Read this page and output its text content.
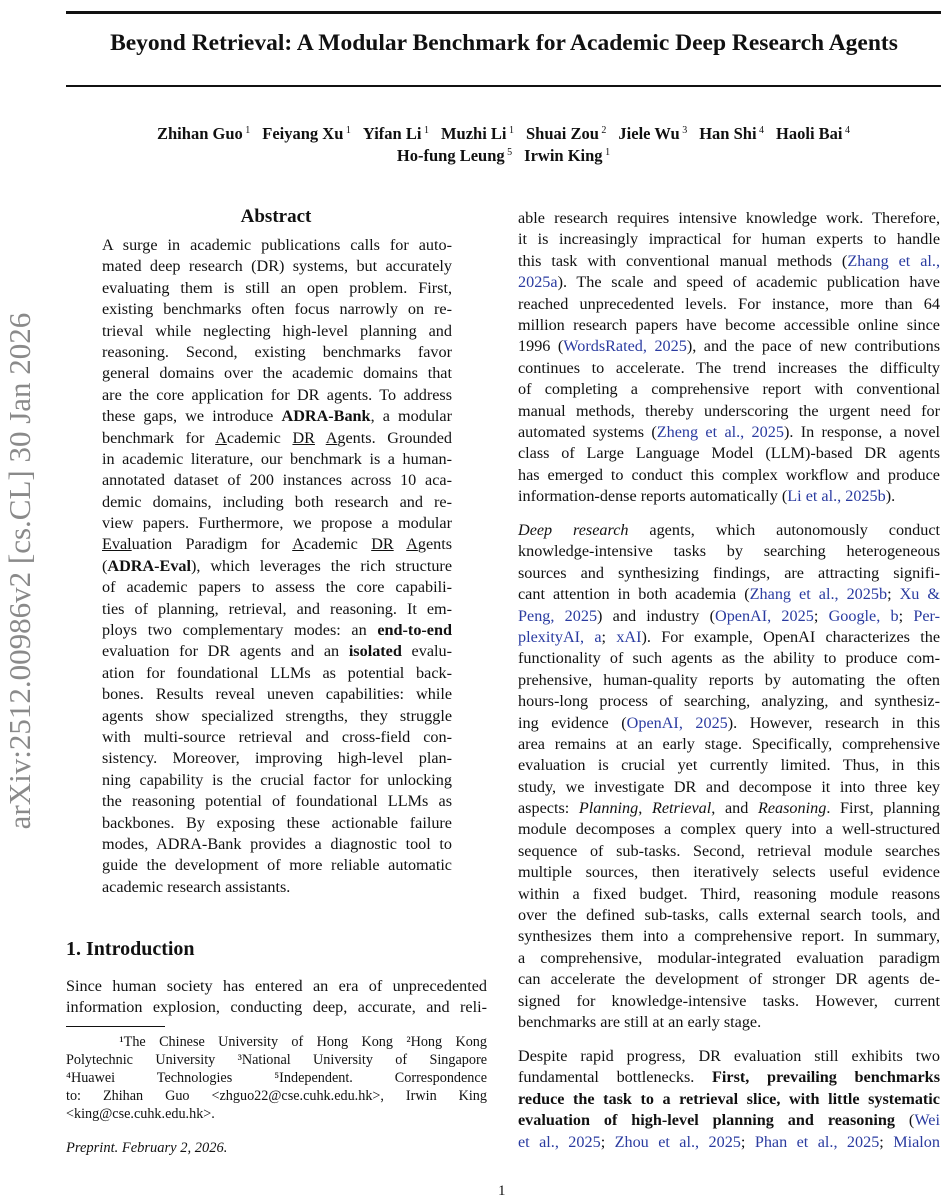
arXiv:2512.00986v2 [cs.CL] 30 Jan 2026
Beyond Retrieval: A Modular Benchmark for Academic Deep Research Agents
Zhihan Guo $^1$ Feiyang Xu $^1$ Yifan Li $^1$ Muzhi Li $^1$ Shuai Zou $^2$ Jiele Wu $^3$ Han Shi $^4$ Haoli Bai $^4$
Ho-fung Leung $^5$ Irwin King $^1$
Abstract
A surge in academic publications calls for auto-
mated deep research (DR) systems, but accurately
evaluating them is still an open problem. First,
existing benchmarks often focus narrowly on re-
trieval while neglecting high-level planning and
reasoning. Second, existing benchmarks favor
general domains over the academic domains that
are the core application for DR agents. To address
these gaps, we introduce ADRA-Bank, a modular
benchmark for Academic DR Agents. Grounded
in academic literature, our benchmark is a human-
annotated dataset of 200 instances across 10 aca-
demic domains, including both research and re-
view papers. Furthermore, we propose a modular
Evaluation Paradigm for Academic DR Agents
(ADRA-Eval), which leverages the rich structure
of academic papers to assess the core capabili-
ties of planning, retrieval, and reasoning. It em-
ploys two complementary modes: an end-to-end
evaluation for DR agents and an isolated evalu-
ation for foundational LLMs as potential back-
bones. Results reveal uneven capabilities: while
agents show specialized strengths, they struggle
with multi-source retrieval and cross-field con-
sistency. Moreover, improving high-level plan-
ning capability is the crucial factor for unlocking
the reasoning potential of foundational LLMs as
backbones. By exposing these actionable failure
modes, ADRA-Bank provides a diagnostic tool to
guide the development of more reliable automatic
academic research assistants.
1. Introduction
Since human society has entered an era of unprecedented
information explosion, conducting deep, accurate, and reli-
¹The Chinese University of Hong Kong ²Hong Kong
Polytechnic University ³National University of Singapore
⁴Huawei Technologies ⁵Independent. Correspondence
to: Zhihan Guo <zhguo22@cse.cuhk.edu.hk>, Irwin King
<king@cse.cuhk.edu.hk>.
Preprint. February 2, 2026.
able research requires intensive knowledge work. Therefore,
it is increasingly impractical for human experts to handle
this task with conventional manual methods (Zhang et al.,
2025a). The scale and speed of academic publication have
reached unprecedented levels. For instance, more than 64
million research papers have become accessible online since
1996 (WordsRated, 2025), and the pace of new contributions
continues to accelerate. The trend increases the difficulty
of completing a comprehensive report with conventional
manual methods, thereby underscoring the urgent need for
automated systems (Zheng et al., 2025). In response, a novel
class of Large Language Model (LLM)-based DR agents
has emerged to conduct this complex workflow and produce
information-dense reports automatically (Li et al., 2025b).
Deep research agents, which autonomously conduct
knowledge-intensive tasks by searching heterogeneous
sources and synthesizing findings, are attracting signifi-
cant attention in both academia (Zhang et al., 2025b; Xu &
Peng, 2025) and industry (OpenAI, 2025; Google, b; Per-
plexityAI, a; xAI). For example, OpenAI characterizes the
functionality of such agents as the ability to produce com-
prehensive, human-quality reports by automating the often
hours-long process of searching, analyzing, and synthesiz-
ing evidence (OpenAI, 2025). However, research in this
area remains at an early stage. Specifically, comprehensive
evaluation is crucial yet currently limited. Thus, in this
study, we investigate DR and decompose it into three key
aspects: Planning, Retrieval, and Reasoning. First, planning
module decomposes a complex query into a well-structured
sequence of sub-tasks. Second, retrieval module searches
multiple sources, then iteratively selects useful evidence
within a fixed budget. Third, reasoning module reasons
over the defined sub-tasks, calls external search tools, and
synthesizes them into a comprehensive report. In summary,
a comprehensive, modular-integrated evaluation paradigm
can accelerate the development of stronger DR agents de-
signed for knowledge-intensive tasks. However, current
benchmarks are still at an early stage.
Despite rapid progress, DR evaluation still exhibits two
fundamental bottlenecks. First, prevailing benchmarks
reduce the task to a retrieval slice, with little systematic
evaluation of high-level planning and reasoning (Wei
et al., 2025; Zhou et al., 2025; Phan et al., 2025; Mialon
1
